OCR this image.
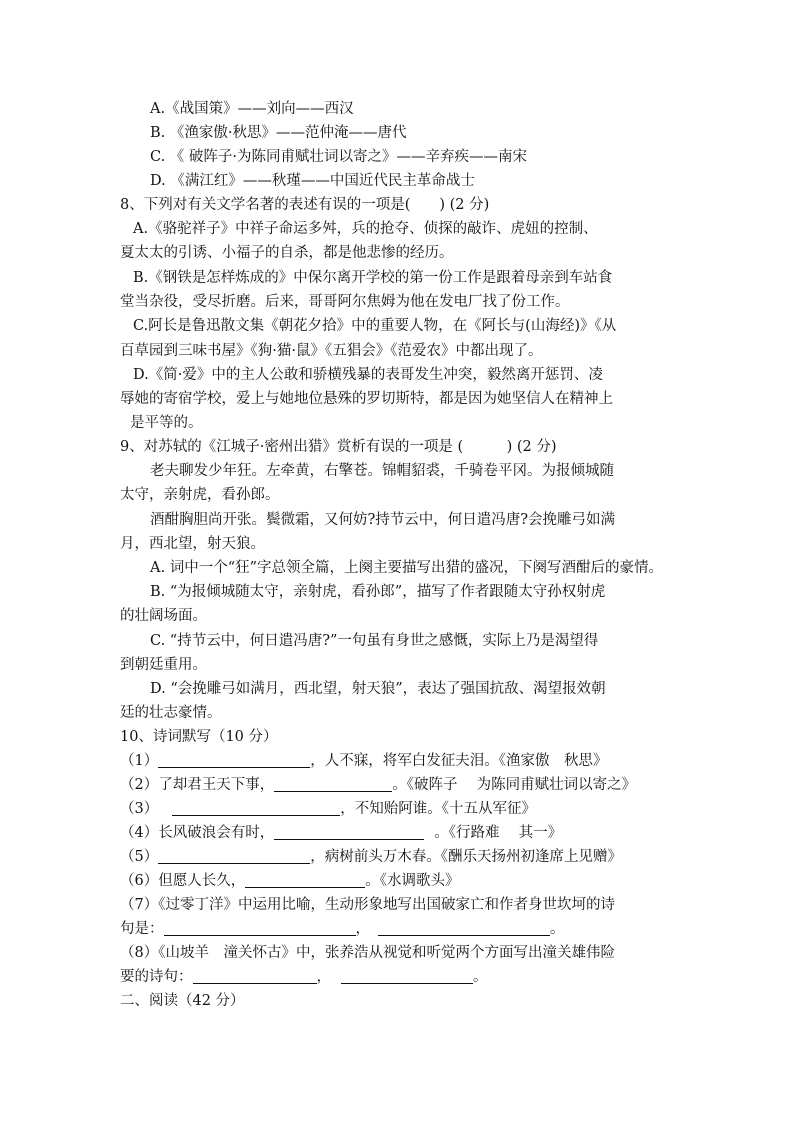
A.《战国策》——刘向——西汉
B. 《渔家傲·秋思》——范仲淹——唐代
C. 《 破阵子·为陈同甫赋壮词以寄之》——辛弃疾——南宋
D. 《满江红》——秋瑾——中国近代民主革命战士
8、下列对有关文学名著的表述有误的一项是(　　) (2 分)
A.《骆驼祥子》中祥子命运多舛，兵的抢夺、侦探的敲诈、虎妞的控制、
夏太太的引诱、小福子的自杀，都是他悲惨的经历。
B.《钢铁是怎样炼成的》中保尔离开学校的第一份工作是跟着母亲到车站食
堂当杂役，受尽折磨。后来，哥哥阿尔焦姆为他在发电厂找了份工作。
C.阿长是鲁迅散文集《朝花夕拾》中的重要人物，在《阿长与(山海经)》《从
百草园到三味书屋》《狗·猫·鼠》《五猖会》《范爱农》中都出现了。
D.《简·爱》中的主人公敢和骄横残暴的表哥发生冲突，毅然离开惩罚、凌
辱她的寄宿学校，爱上与她地位悬殊的罗切斯特，都是因为她坚信人在精神上
是平等的。
9、对苏轼的《江城子·密州出猎》赏析有误的一项是 (　　　) (2 分)
老夫聊发少年狂。左牵黄，右擎苍。锦帽貂裘，千骑卷平冈。为报倾城随
太守，亲射虎，看孙郎。
酒酣胸胆尚开张。鬓微霜，又何妨?持节云中，何日遣冯唐?会挽雕弓如满
月，西北望，射天狼。
A. 词中一个“狂”字总领全篇，上阕主要描写出猎的盛况，下阕写酒酣后的豪情。
B. “为报倾城随太守，亲射虎，看孙郎”，描写了作者跟随太守孙权射虎
的壮阔场面。
C. “持节云中，何日遣冯唐?”一句虽有身世之感慨，实际上乃是渴望得
到朝廷重用。
D. “会挽雕弓如满月，西北望，射天狼”，表达了强国抗敌、渴望报效朝
廷的壮志豪情。
10、诗词默写（10 分）
（1）	，人不寐，将军白发征夫泪。《渔家傲　秋思》
（2）了却君王天下事，	。《破阵子　 为陈同甫赋壮词以寄之》
（3）	，不知贻阿谁。《十五从军征》
（4）长风破浪会有时，	。《行路难　 其一》
（5）	，病树前头万木春。《酬乐天扬州初逢席上见赠》
（6）但愿人长久，	。《水调歌头》
（7）《过零丁洋》中运用比喻，生动形象地写出国破家亡和作者身世坎坷的诗
句是：	，	。
（8）《山坡羊　潼关怀古》中，张养浩从视觉和听觉两个方面写出潼关雄伟险
要的诗句：	，	。
二、阅读（42 分）
